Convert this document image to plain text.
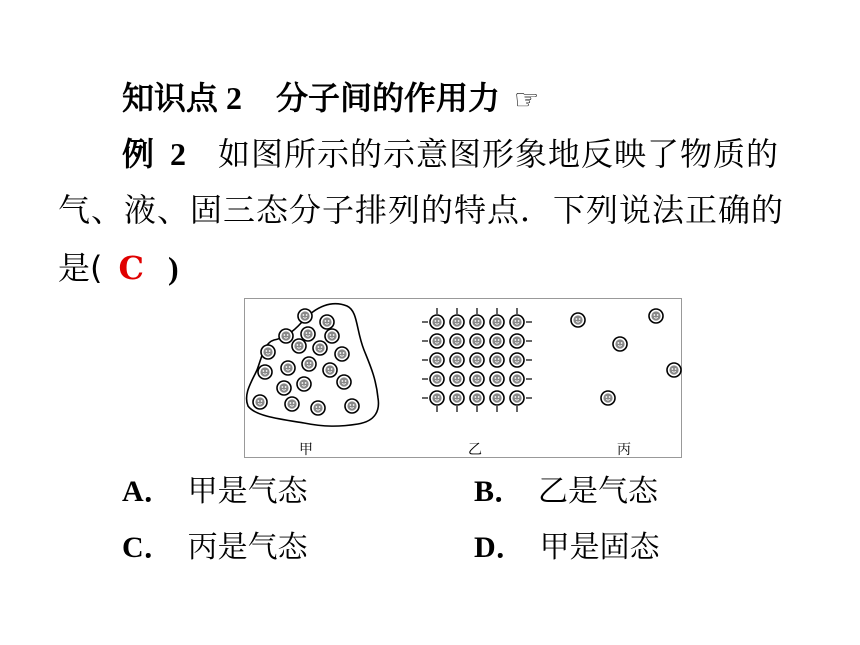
知识点 2 分子间的作用力 ☞
例 2 如图所示的示意图形象地反映了物质的
气、液、固三态分子排列的特点．下列说法正确的
是( C )
甲	乙	丙
A． 甲是气态	B． 乙是气态
C． 丙是气态	D． 甲是固态
